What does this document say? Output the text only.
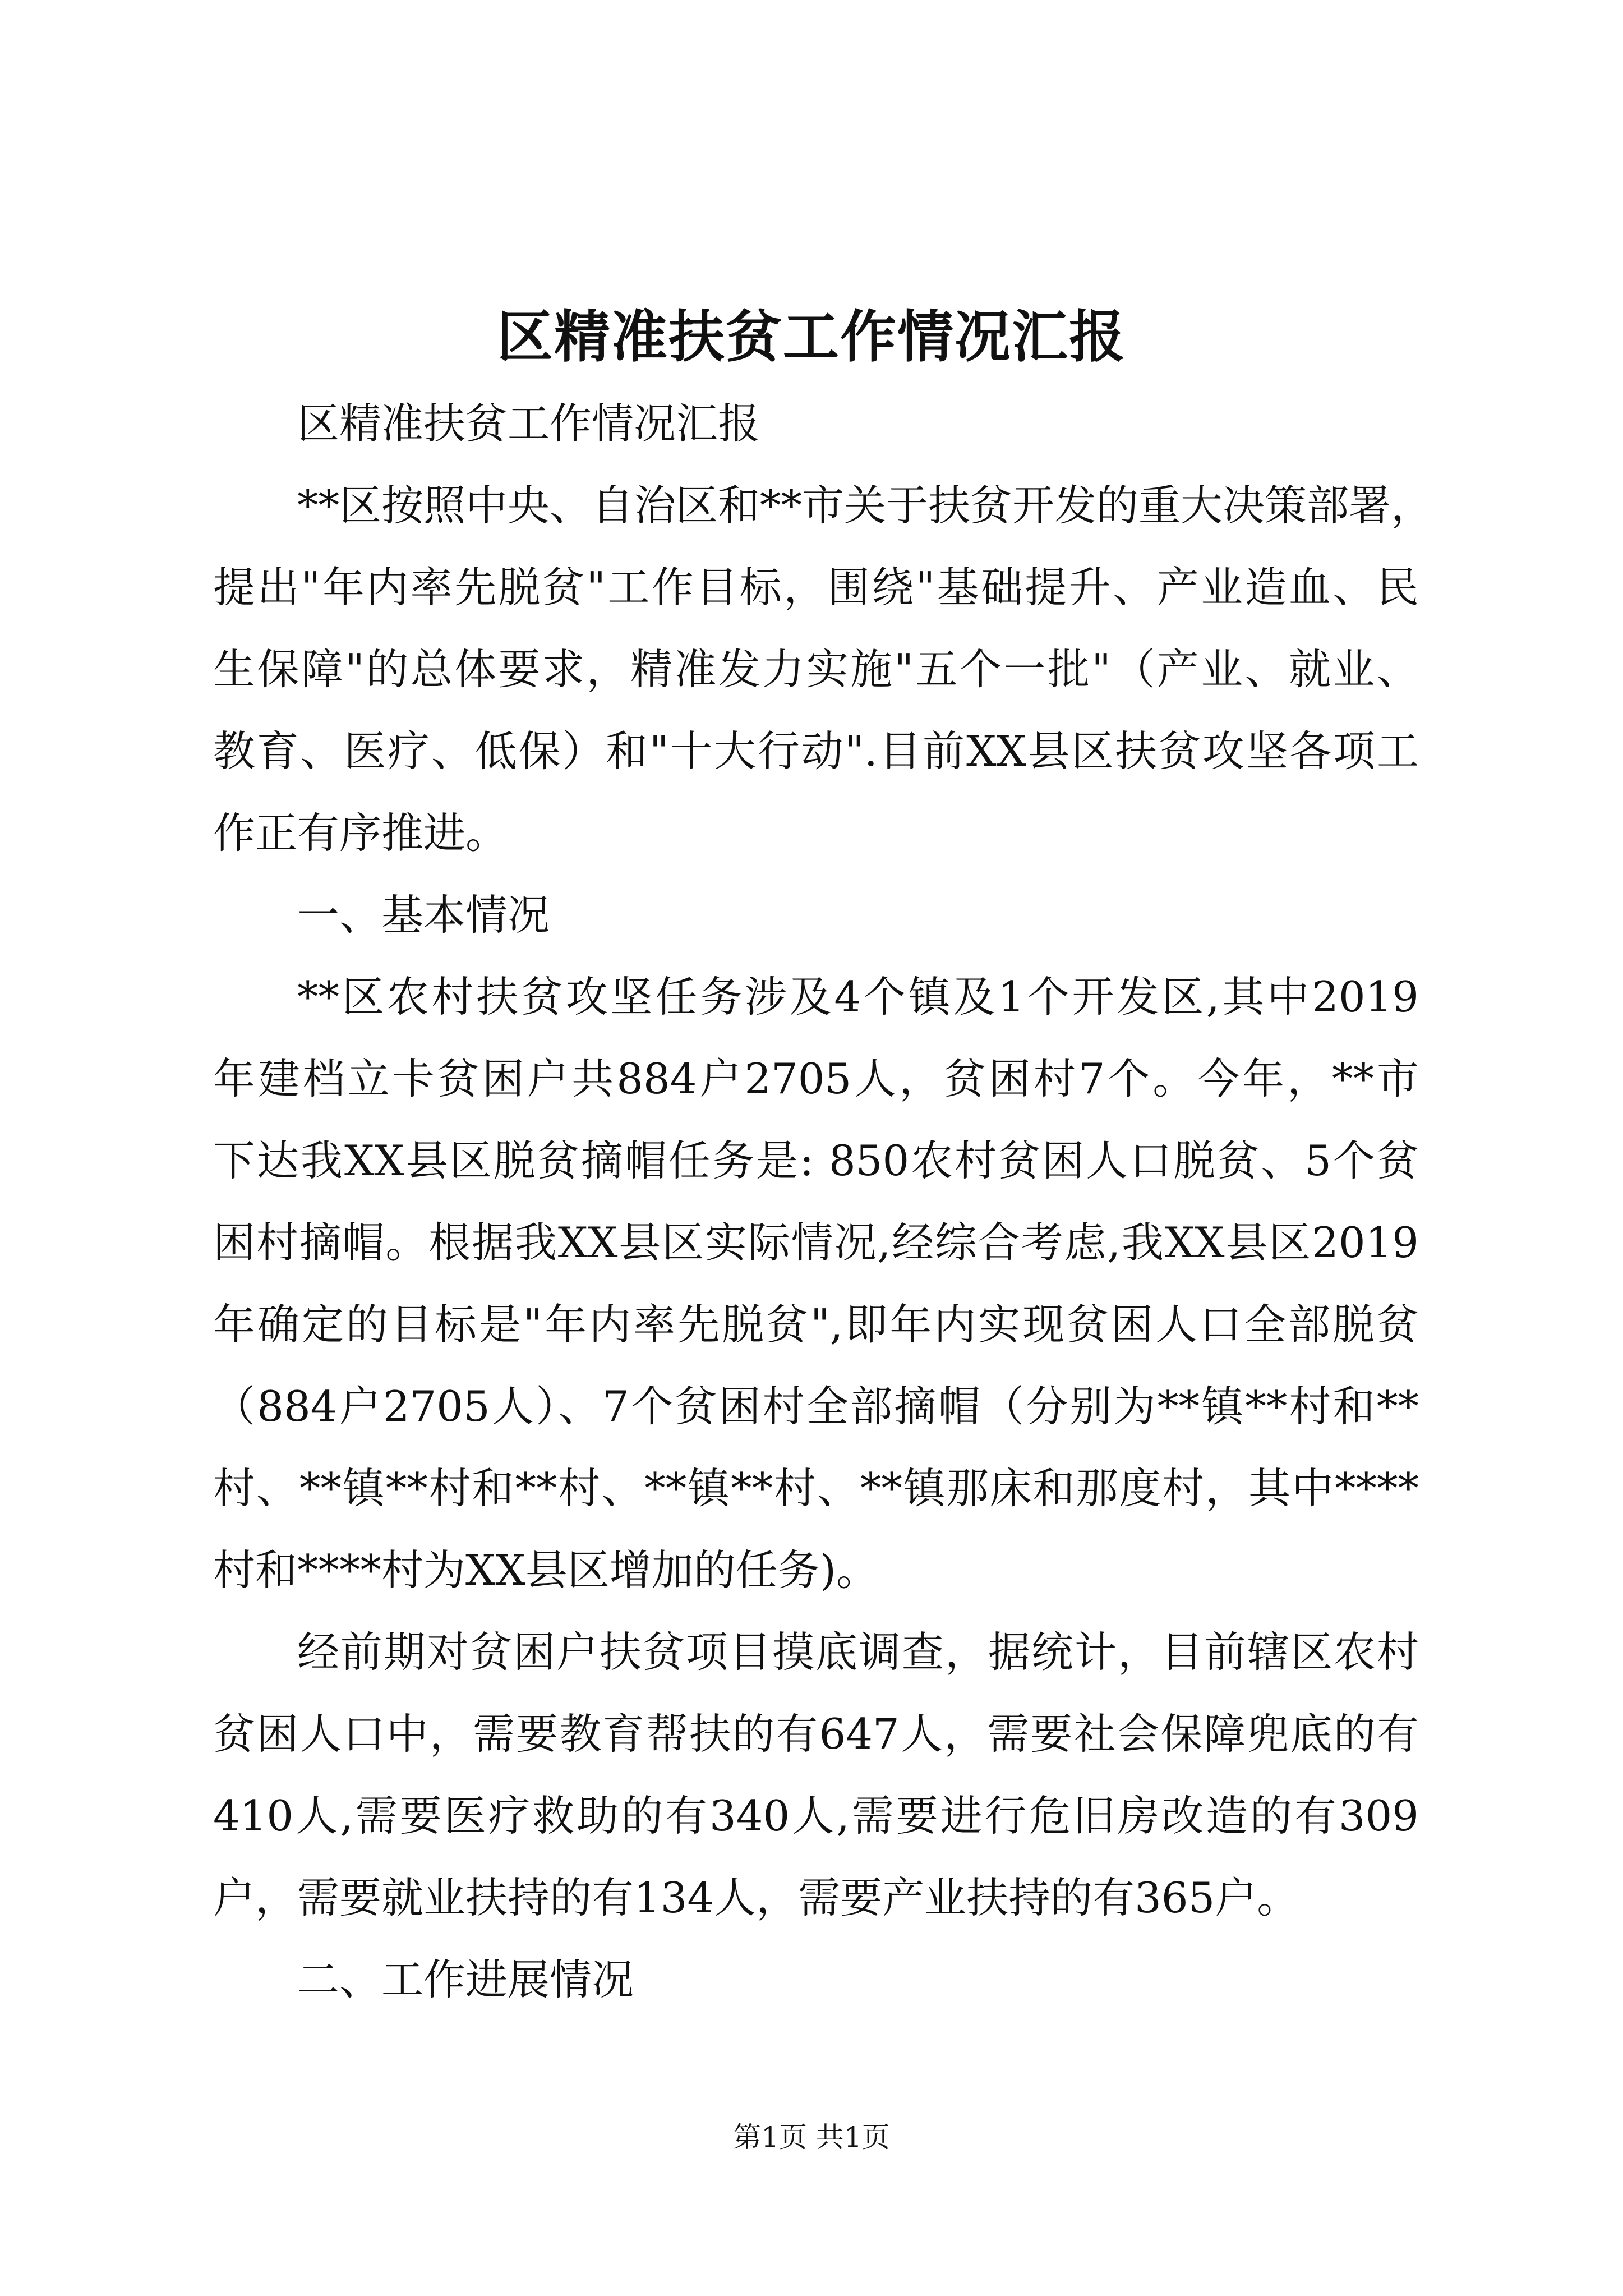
区精准扶贫工作情况汇报
区精准扶贫工作情况汇报
**区按照中央、自治区和**市关于扶贫开发的重大决策部署，
提出"年内率先脱贫"工作目标，围绕"基础提升、产业造血、民
生保障"的总体要求，精准发力实施"五个一批"（产业、就业、
教育、医疗、低保）和"十大行动".目前XX县区扶贫攻坚各项工
作正有序推进。
一、基本情况
**区农村扶贫攻坚任务涉及4个镇及1个开发区,其中2019
年建档立卡贫困户共884户2705人，贫困村7个。今年，**市
下达我XX县区脱贫摘帽任务是: 850农村贫困人口脱贫、5个贫
困村摘帽。根据我XX县区实际情况,经综合考虑,我XX县区2019
年确定的目标是"年内率先脱贫",即年内实现贫困人口全部脱贫
（884户2705人）、7个贫困村全部摘帽（分别为**镇**村和**
村、**镇**村和**村、**镇**村、**镇那床和那度村，其中****
村和****村为XX县区增加的任务)。
经前期对贫困户扶贫项目摸底调查，据统计，目前辖区农村
贫困人口中，需要教育帮扶的有647人，需要社会保障兜底的有
410人,需要医疗救助的有340人,需要进行危旧房改造的有309
户，需要就业扶持的有134人，需要产业扶持的有365户。
二、工作进展情况
第1页 共1页
